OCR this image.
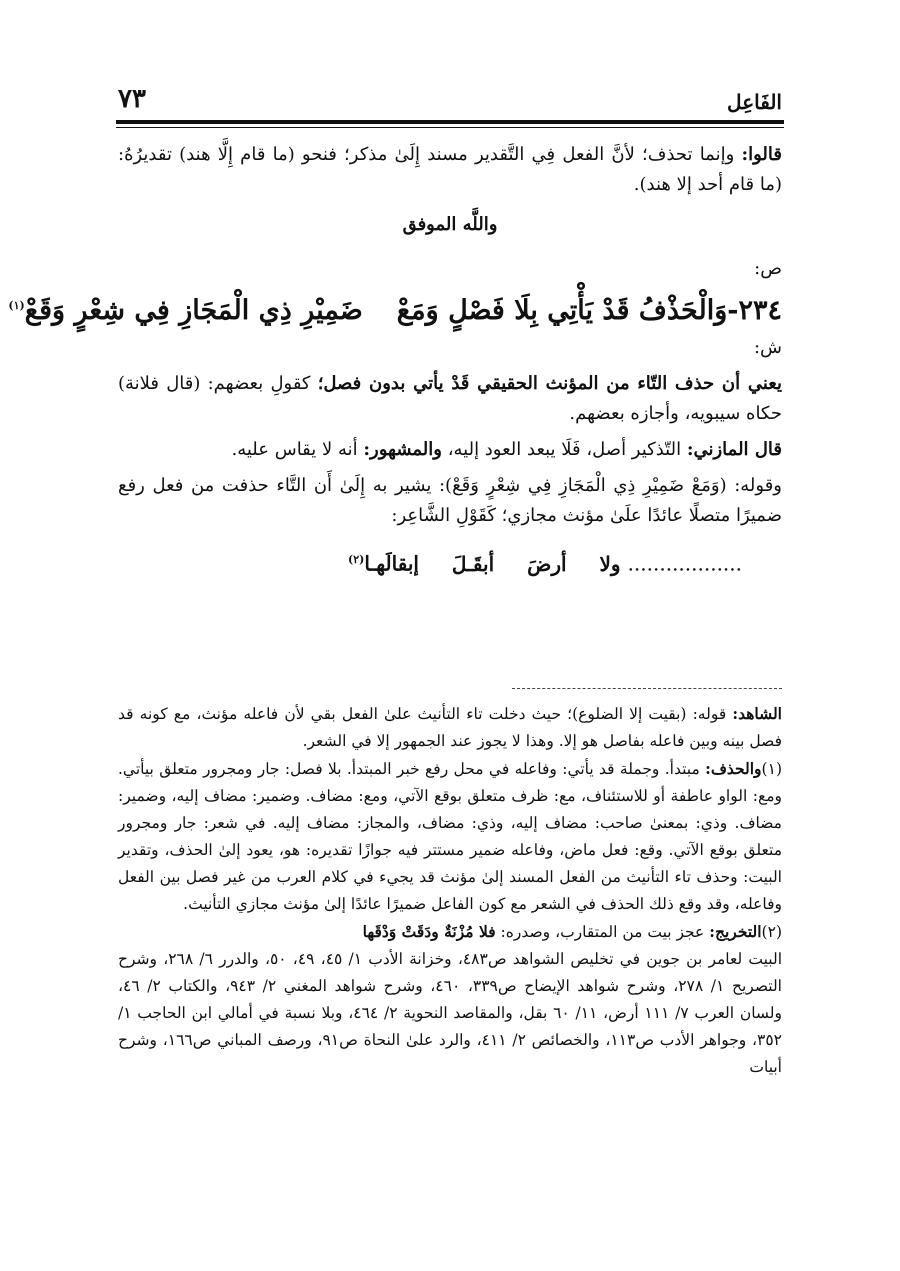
الفَاعِل
٧٣

قالوا: وإنما تحذف؛ لأنَّ الفعل فِي التَّقدير مسند إِلَىٰ مذكر؛ فنحو (ما قام إِلَّا هند) تقديرُهُ: (ما قام أحد إلا هند).

واللَّه الموفق

ص:

٢٣٤-وَالْحَذْفُ قَدْ يَأْتِي بِلَا فَصْلٍ وَمَعْضَمِيْرِ ذِي الْمَجَازِ فِي شِعْرٍ وَقَعْ$^{(١)}$

ش:

يعني أن حذف التّاء من المؤنث الحقيقي قَدْ يأتي بدون فصل؛ كقولِ بعضهم: (قال فلانة) حكاه سيبويه، وأجازه بعضهم.

قال المازني: التّذكير أصل، فَلَا يبعد العود إليه، والمشهور: أنه لا يقاس عليه.

وقوله: (وَمَعْ ضَمِيْرِ ذِي الْمَجَازِ فِي شِعْرٍ وَقَعْ): يشير به إِلَىٰ أَن التَّاء حذفت من فعل رفع ضميرًا متصلًا عائدًا علَىٰ مؤنث مجازي؛ كَقَوْلِ الشَّاعِر:

.................. ولا أرضَ أبقَـلَ إبقالَهـا$^{(٢)}$

الشاهد: قوله: (بقيت إلا الضلوع)؛ حيث دخلت تاء التأنيث علىٰ الفعل بقي لأن فاعله مؤنث، مع كونه قد فصل بينه وبين فاعله بفاصل هو إلا. وهذا لا يجوز عند الجمهور إلا في الشعر.

(١)والحذف: مبتدأ. وجملة قد يأتي: وفاعله في محل رفع خبر المبتدأ. بلا فصل: جار ومجرور متعلق بيأتي. ومع: الواو عاطفة أو للاستئناف، مع: ظرف متعلق بوقع الآتي، ومع: مضاف. وضمير: مضاف إليه، وضمير: مضاف. وذي: بمعنىٰ صاحب: مضاف إليه، وذي: مضاف، والمجاز: مضاف إليه. في شعر: جار ومجرور متعلق بوقع الآتي. وقع: فعل ماض، وفاعله ضمير مستتر فيه جوازًا تقديره: هو، يعود إلىٰ الحذف، وتقدير البيت: وحذف تاء التأنيث من الفعل المسند إلىٰ مؤنث قد يجيء في كلام العرب من غير فصل بين الفعل وفاعله، وقد وقع ذلك الحذف في الشعر مع كون الفاعل ضميرًا عائدًا إلىٰ مؤنث مجازي التأنيث.

(٢)التخريج: عجز بيت من المتقارب، وصدره: فلا مُزْنَةٌ ودَقَتْ وَدْقَها

البيت لعامر بن جوين في تخليص الشواهد ص٤٨٣، وخزانة الأدب ١/ ٤٥، ٤٩، ٥٠، والدرر ٦/ ٢٦٨، وشرح التصريح ١/ ٢٧٨، وشرح شواهد الإيضاح ص٣٣٩، ٤٦٠، وشرح شواهد المغني ٢/ ٩٤٣، والكتاب ٢/ ٤٦، ولسان العرب ٧/ ١١١ أرض، ١١/ ٦٠ بقل، والمقاصد النحوية ٢/ ٤٦٤، وبلا نسبة في أمالي ابن الحاجب ١/ ٣٥٢، وجواهر الأدب ص١١٣، والخصائص ٢/ ٤١١، والرد علىٰ النحاة ص٩١، ورصف المباني ص١٦٦، وشرح أبيات
